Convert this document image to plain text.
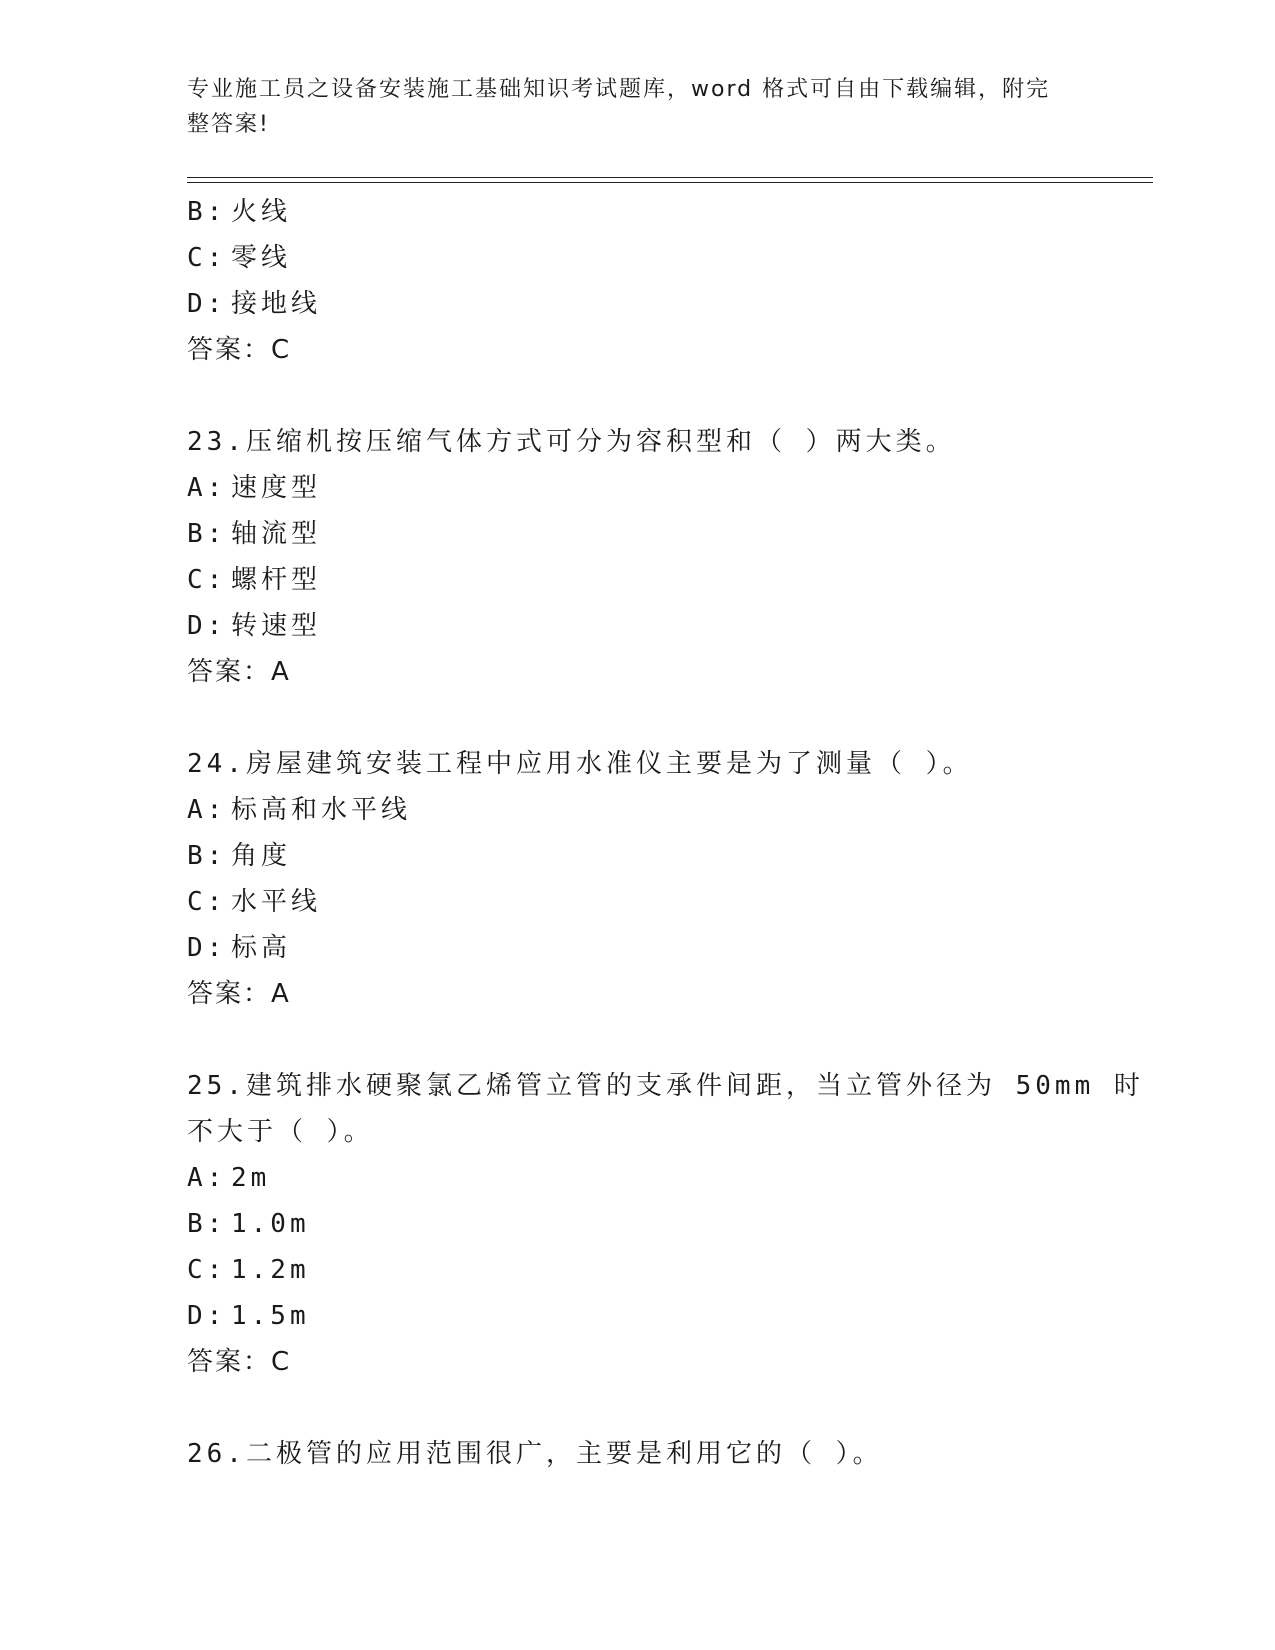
专业施工员之设备安装施工基础知识考试题库，word 格式可自由下载编辑，附完整答案!
B: 火线
C: 零线
D: 接地线
答案：C
23.压缩机按压缩气体方式可分为容积型和（ ）两大类。
A: 速度型
B: 轴流型
C: 螺杆型
D: 转速型
答案：A
24.房屋建筑安装工程中应用水准仪主要是为了测量（ ）。
A: 标高和水平线
B: 角度
C: 水平线
D: 标高
答案：A
25.建筑排水硬聚氯乙烯管立管的支承件间距，当立管外径为 50mm 时
不大于（ ）。
A: 2m
B: 1.0m
C: 1.2m
D: 1.5m
答案：C
26.二极管的应用范围很广，主要是利用它的（ ）。
